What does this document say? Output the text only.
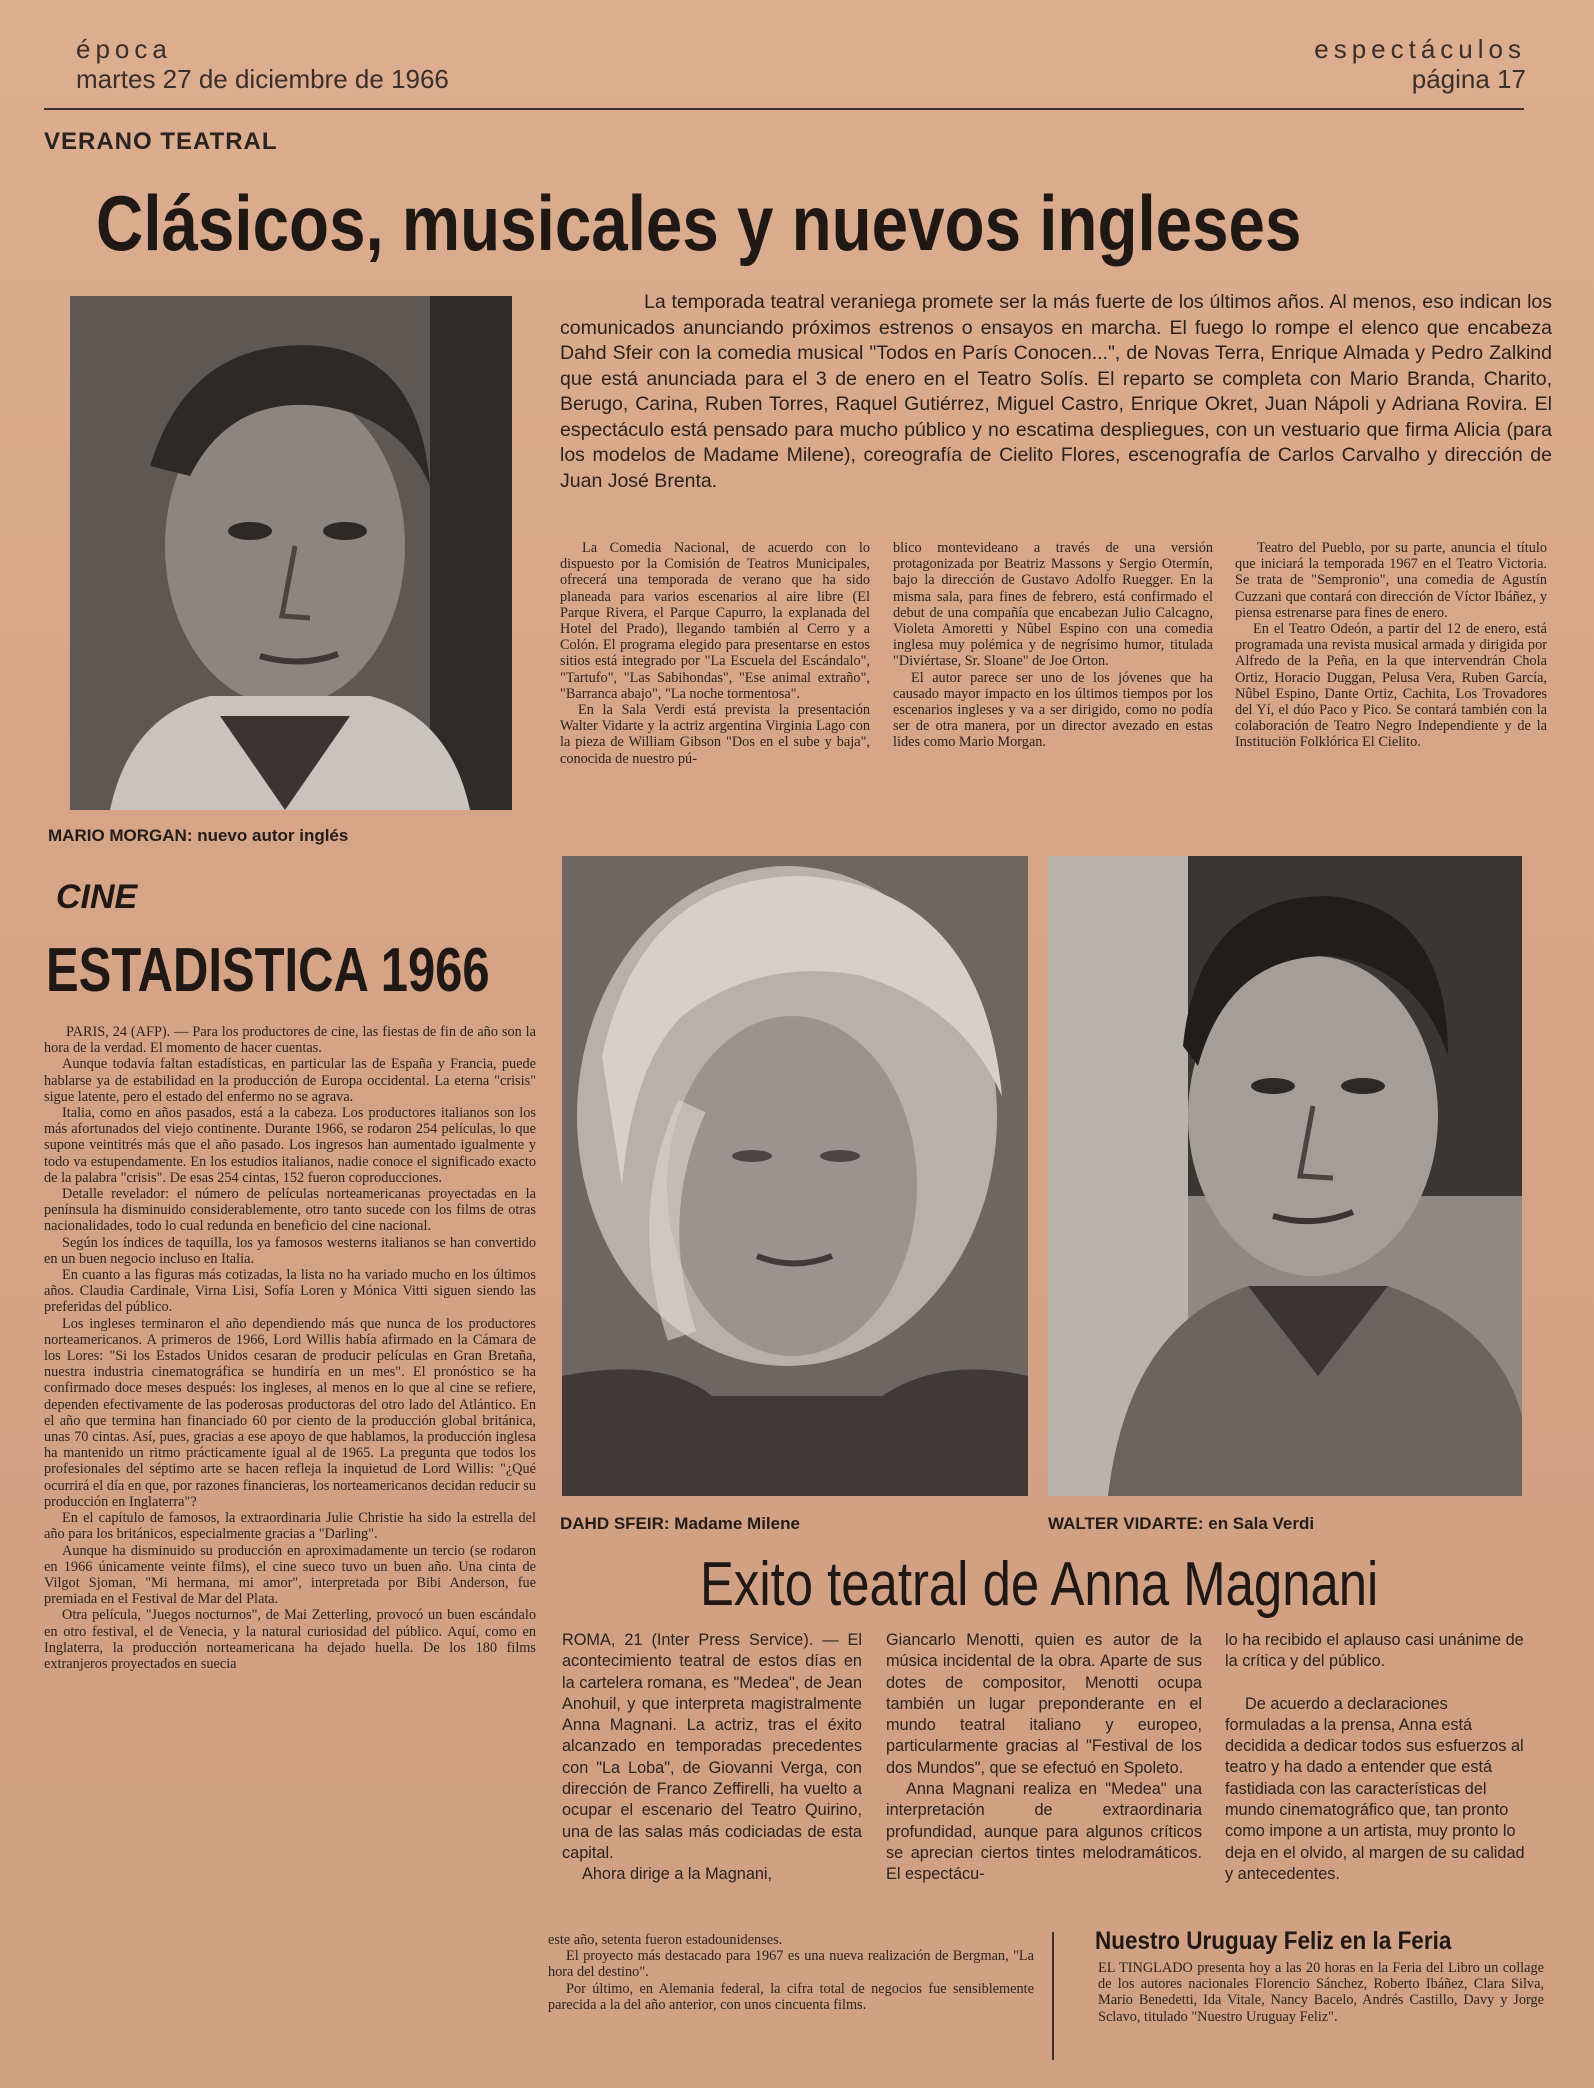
época
martes 27 de diciembre de 1966
espectáculos
página 17
VERANO TEATRAL
Clásicos, musicales y nuevos ingleses
MARIO MORGAN: nuevo autor inglés
La temporada teatral veraniega promete ser la más fuerte de los últimos años. Al menos, eso indican los comunicados anunciando próximos estrenos o ensayos en marcha. El fuego lo rompe el elenco que encabeza Dahd Sfeir con la comedia musical "Todos en París Conocen...", de Novas Terra, Enrique Almada y Pedro Zalkind que está anunciada para el 3 de enero en el Teatro Solís. El reparto se completa con Mario Branda, Charito, Berugo, Carina, Ruben Torres, Raquel Gutiérrez, Miguel Castro, Enrique Okret, Juan Nápoli y Adriana Rovira. El espectáculo está pensado para mucho público y no escatima despliegues, con un vestuario que firma Alicia (para los modelos de Madame Milene), coreografía de Cielito Flores, escenografía de Carlos Carvalho y dirección de Juan José Brenta.

La Comedia Nacional, de acuerdo con lo dispuesto por la Comisión de Teatros Municipales, ofrecerá una temporada de verano que ha sido planeada para varios escenarios al aire libre (El Parque Rivera, el Parque Capurro, la explanada del Hotel del Prado), llegando también al Cerro y a Colón. El programa elegido para presentarse en estos sitios está integrado por "La Escuela del Escándalo", "Tartufo", "Las Sabihondas", "Ese animal extraño", "Barranca abajo", "La noche tormentosa".

En la Sala Verdi está prevista la presentación Walter Vidarte y la actriz argentina Virginia Lago con la pieza de William Gibson "Dos en el sube y baja", conocida de nuestro pú-

blico montevideano a través de una versión protagonizada por Beatriz Massons y Sergio Otermín, bajo la dirección de Gustavo Adolfo Ruegger. En la misma sala, para fines de febrero, está confirmado el debut de una compañía que encabezan Julio Calcagno, Violeta Amoretti y Nûbel Espino con una comedia inglesa muy polémica y de negrísimo humor, titulada "Diviértase, Sr. Sloane" de Joe Orton.

El autor parece ser uno de los jóvenes que ha causado mayor impacto en los últimos tiempos por los escenarios ingleses y va a ser dirigido, como no podía ser de otra manera, por un director avezado en estas lides como Mario Morgan.

Teatro del Pueblo, por su parte, anuncia el título que iniciará la temporada 1967 en el Teatro Victoria. Se trata de "Sempronio", una comedia de Agustín Cuzzani que contará con dirección de Víctor Ibáñez, y piensa estrenarse para fines de enero.

En el Teatro Odeón, a partir del 12 de enero, está programada una revista musical armada y dirigida por Alfredo de la Peña, en la que intervendrán Chola Ortiz, Horacio Duggan, Pelusa Vera, Ruben García, Nûbel Espino, Dante Ortiz, Cachita, Los Trovadores del Yí, el dúo Paco y Pico. Se contará también con la colaboración de Teatro Negro Independiente y de la Instituciön Folklórica El Cielito.

DAHD SFEIR: Madame Milene	WALTER VIDARTE: en Sala Verdi
CINE
ESTADISTICA 1966

PARIS, 24 (AFP). — Para los productores de cine, las fiestas de fin de año son la hora de la verdad. El momento de hacer cuentas.

Aunque todavía faltan estadísticas, en particular las de España y Francia, puede hablarse ya de estabilidad en la producción de Europa occidental. La eterna "crisis" sigue latente, pero el estado del enfermo no se agrava.

Italia, como en años pasados, está a la cabeza. Los productores italianos son los más afortunados del viejo continente. Durante 1966, se rodaron 254 películas, lo que supone veintitrés más que el año pasado. Los ingresos han aumentado igualmente y todo va estupendamente. En los estudios italianos, nadie conoce el significado exacto de la palabra "crisis". De esas 254 cintas, 152 fueron coproducciones.

Detalle revelador: el número de películas norteamericanas proyectadas en la península ha disminuido considerablemente, otro tanto sucede con los films de otras nacionalidades, todo lo cual redunda en beneficio del cine nacional.

Según los índices de taquilla, los ya famosos westerns italianos se han convertido en un buen negocio incluso en Italia.

En cuanto a las figuras más cotizadas, la lista no ha variado mucho en los últimos años. Claudia Cardinale, Virna Lisi, Sofía Loren y Mónica Vitti siguen siendo las preferidas del público.

Los ingleses terminaron el año dependiendo más que nunca de los productores norteamericanos. A primeros de 1966, Lord Willis había afirmado en la Cámara de los Lores: "Si los Estados Unidos cesaran de producir películas en Gran Bretaña, nuestra industria cinematográfica se hundiría en un mes". El pronóstico se ha confirmado doce meses después: los ingleses, al menos en lo que al cine se refiere, dependen efectivamente de las poderosas productoras del otro lado del Atlántico. En el año que termina han financiado 60 por ciento de la producción global británica, unas 70 cintas. Así, pues, gracias a ese apoyo de que hablamos, la producción inglesa ha mantenido un ritmo prácticamente igual al de 1965. La pregunta que todos los profesionales del séptimo arte se hacen refleja la inquietud de Lord Willis: "¿Qué ocurrirá el día en que, por razones financieras, los norteamericanos decidan reducir su producción en Inglaterra"?

En el capítulo de famosos, la extraordinaria Julie Christie ha sido la estrella del año para los británicos, especialmente gracias a "Darling".

Aunque ha disminuido su producción en aproximadamente un tercio (se rodaron en 1966 únicamente veinte films), el cine sueco tuvo un buen año. Una cinta de Vilgot Sjoman, "Mi hermana, mi amor", interpretada por Bibi Anderson, fue premiada en el Festival de Mar del Plata.

Otra película, "Juegos nocturnos", de Mai Zetterling, provocó un buen escándalo en otro festival, el de Venecia, y la natural curiosidad del público. Aquí, como en Inglaterra, la producción norteamericana ha dejado huella. De los 180 films extranjeros proyectados en suecia

Exito teatral de Anna Magnani

ROMA, 21 (Inter Press Service). — El acontecimiento teatral de estos días en la cartelera romana, es "Medea", de Jean Anohuil, y que interpreta magistralmente Anna Magnani. La actriz, tras el éxito alcanzado en temporadas precedentes con "La Loba", de Giovanni Verga, con dirección de Franco Zeffirelli, ha vuelto a ocupar el escenario del Teatro Quirino, una de las salas más codiciadas de esta capital.

Ahora dirige a la Magnani,

Giancarlo Menotti, quien es autor de la música incidental de la obra. Aparte de sus dotes de compositor, Menotti ocupa también un lugar preponderante en el mundo teatral italiano y europeo, particularmente gracias al "Festival de los dos Mundos", que se efectuó en Spoleto.

Anna Magnani realiza en "Medea" una interpretación de extraordinaria profundidad, aunque para algunos críticos se aprecian ciertos tintes melodramáticos. El espectácu-

lo ha recibido el aplauso casi unánime de la crítica y del público.

De acuerdo a declaraciones formuladas a la prensa, Anna está decidida a dedicar todos sus esfuerzos al teatro y ha dado a entender que está fastidiada con las características del mundo cinematográfico que, tan pronto como impone a un artista, muy pronto lo deja en el olvido, al margen de su calidad y antecedentes.

este año, setenta fueron estadounidenses.

El proyecto más destacado para 1967 es una nueva realización de Bergman, "La hora del destino".

Por último, en Alemania federal, la cifra total de negocios fue sensiblemente parecida a la del año anterior, con unos cincuenta films.

Nuestro Uruguay Feliz en la Feria

EL TINGLADO presenta hoy a las 20 horas en la Feria del Libro un collage de los autores nacionales Florencio Sánchez, Roberto Ibáñez, Clara Silva, Mario Benedetti, Ida Vitale, Nancy Bacelo, Andrés Castillo, Davy y Jorge Sclavo, titulado "Nuestro Uruguay Feliz".
